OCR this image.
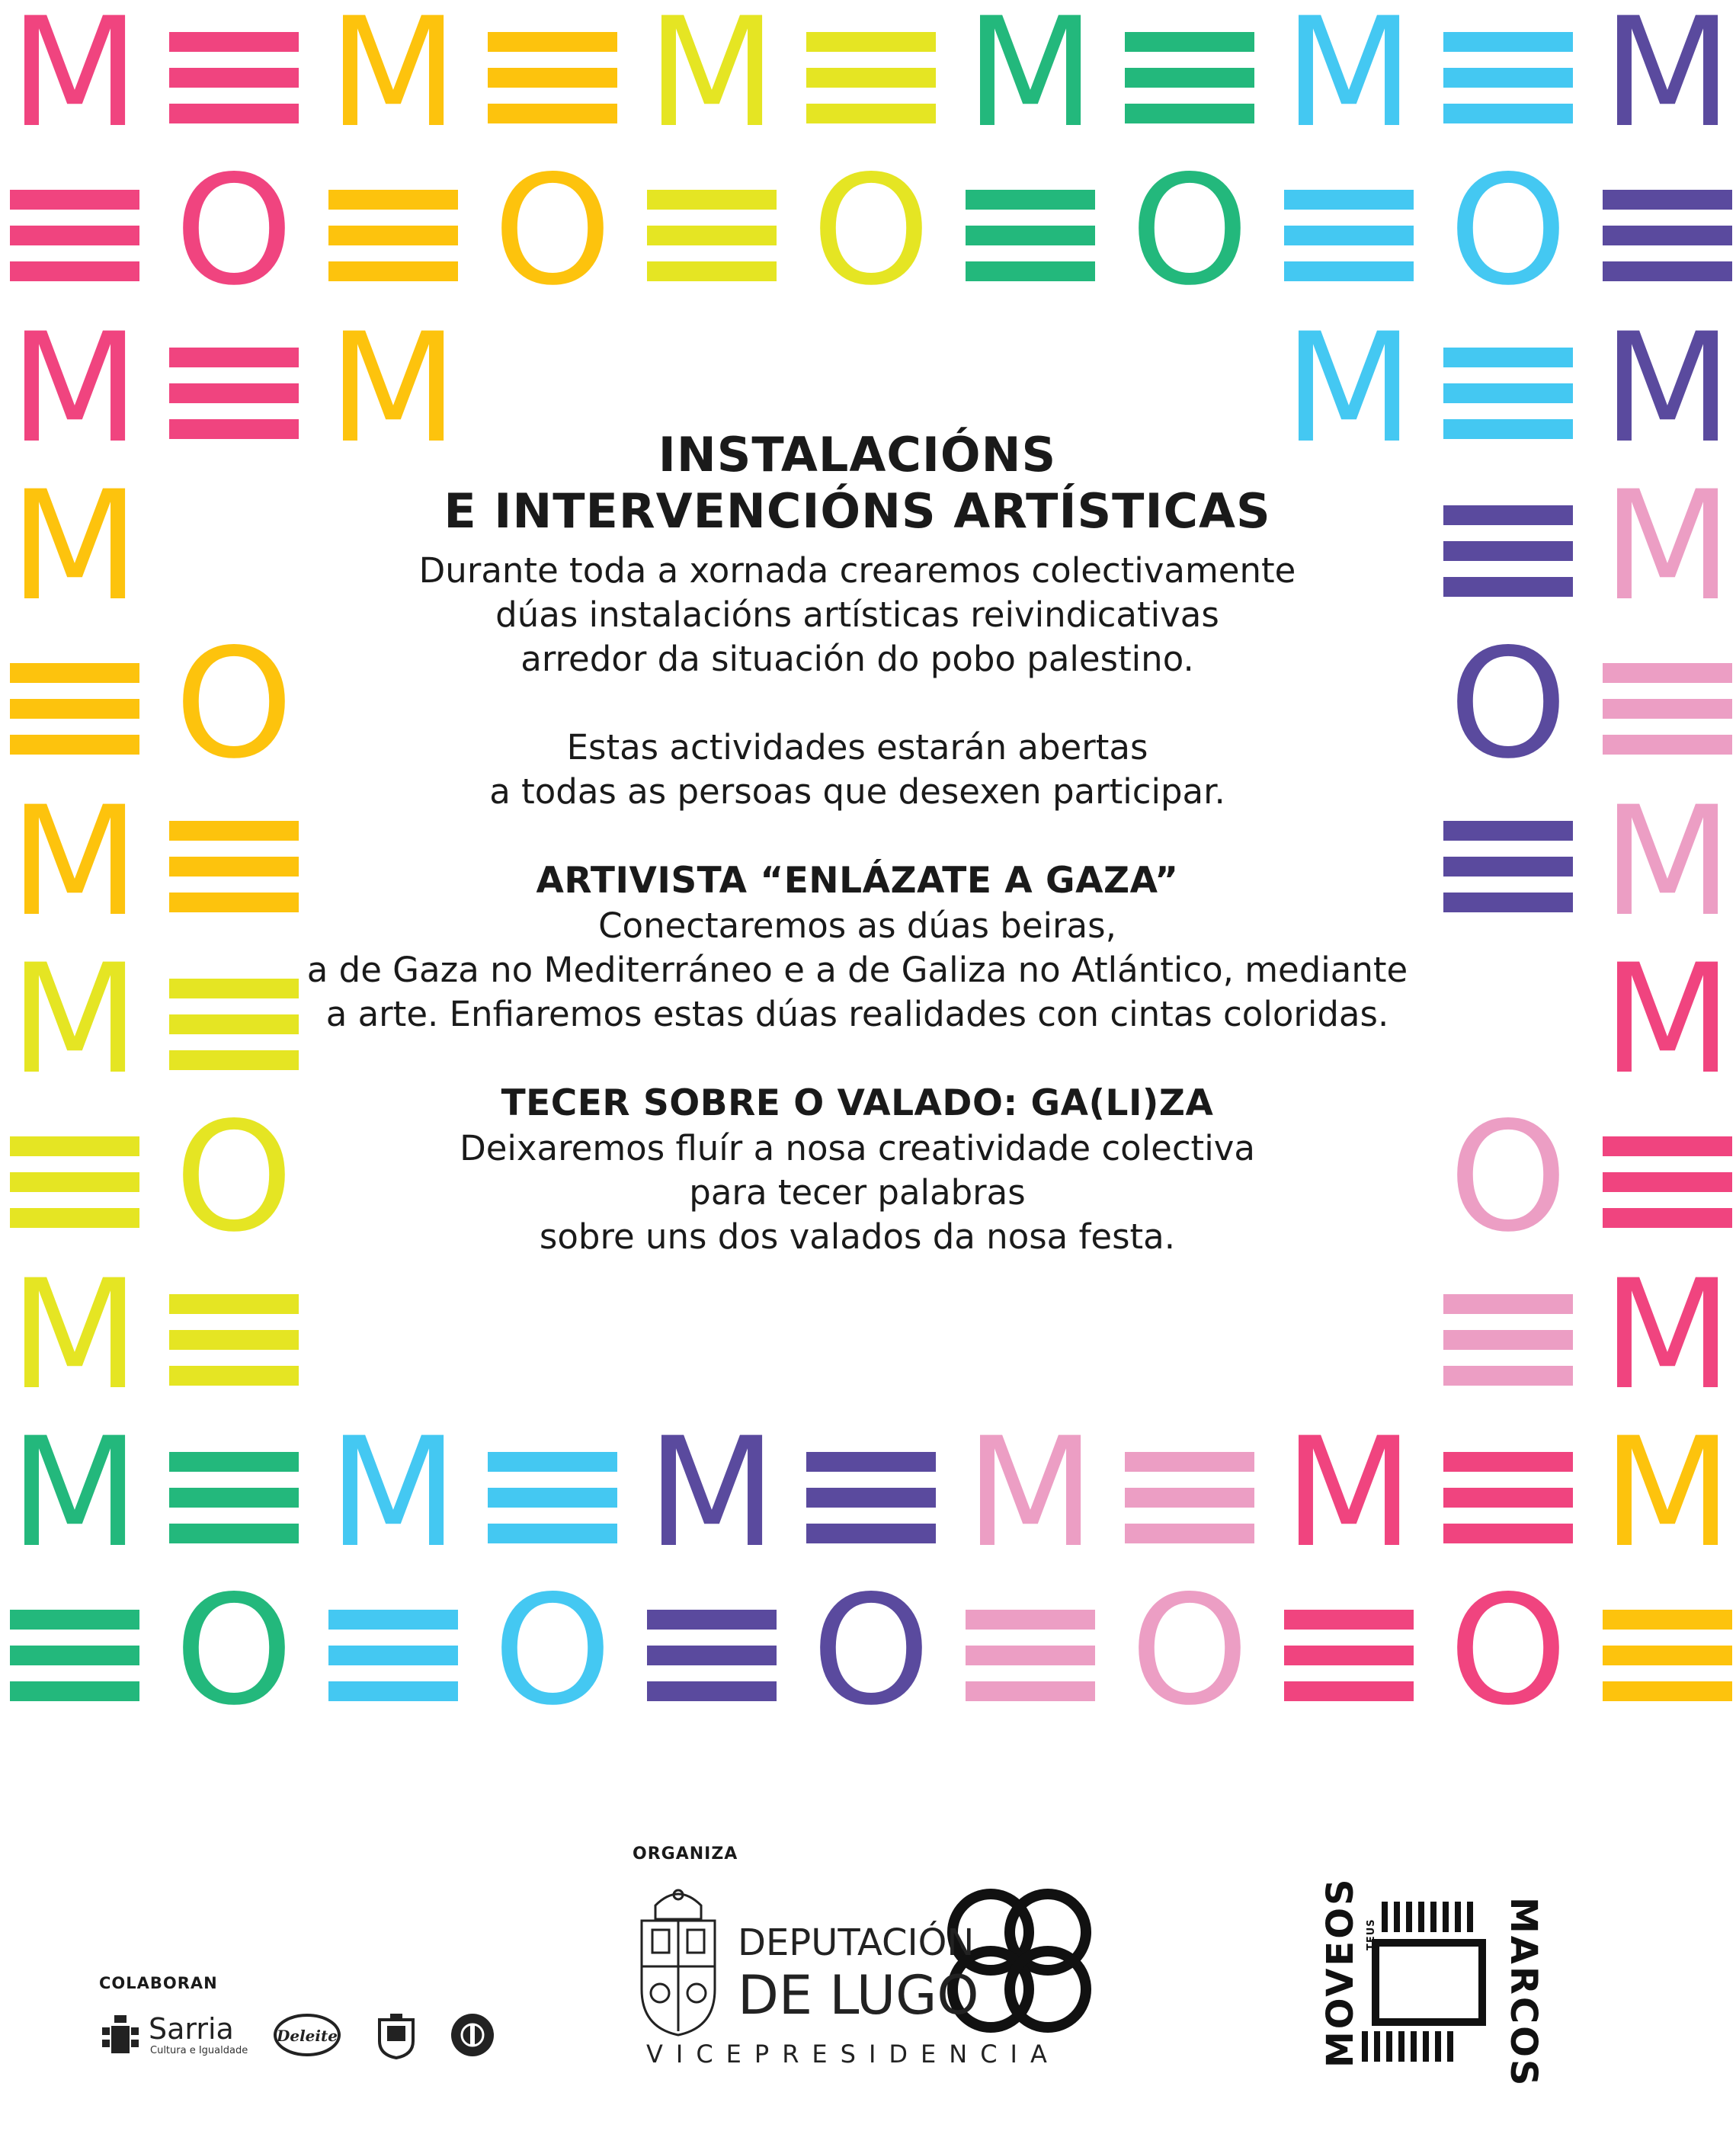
M M M M M M
O O O O O
M M	M M
M	M
O	O
M	M
M	M
O	O
M	M
M M M M M M
O O O O O
INSTALACIÓNS
E INTERVENCIÓNS ARTÍSTICAS
Durante toda a xornada crearemos colectivamente
dúas instalacións artísticas reivindicativas
arredor da situación do pobo palestino.
Estas actividades estarán abertas
a todas as persoas que desexen participar.
ARTIVISTA “ENLÁZATE A GAZA”
Conectaremos as dúas beiras,
a de Gaza no Mediterráneo e a de Galiza no Atlántico, mediante
a arte. Enfiaremos estas dúas realidades con cintas coloridas.
TECER SOBRE O VALADO: GA(LI)ZA
Deixaremos fluír a nosa creatividade colectiva
para tecer palabras
sobre uns dos valados da nosa festa.
ORGANIZA
DEPUTACIÓN
DE LUGO
VICEPRESIDENCIA
COLABORAN
Sarria
Cultura e Igualdade
Deleite	MOVEOS TEUS	MARCOS
